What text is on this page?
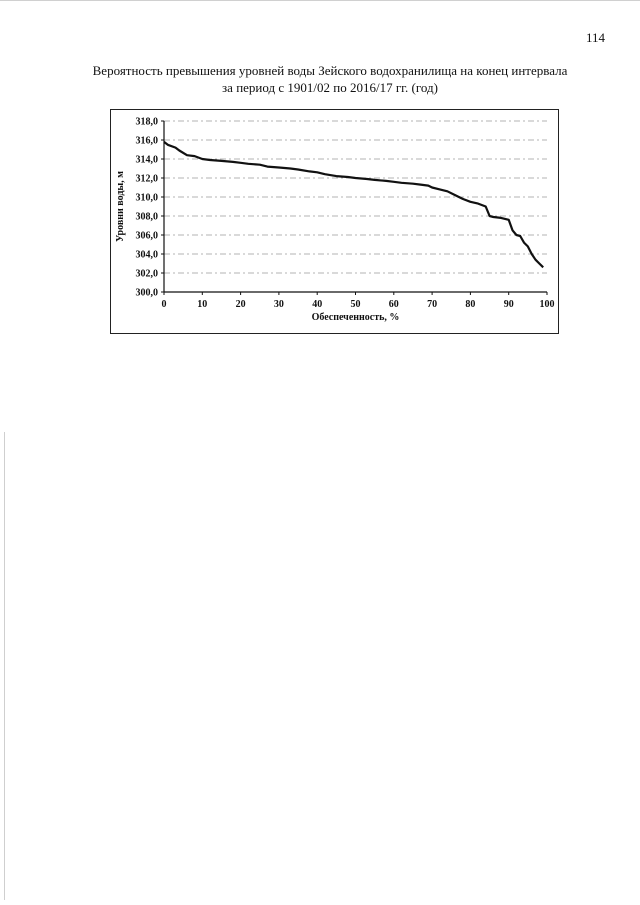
114
Вероятность превышения уровней воды Зейского водохранилища на конец интервала
за период с 1901/02 по 2016/17 гг. (год)
300,0
302,0
304,0
306,0
308,0
310,0
312,0
314,0
316,0
318,0
0	10	20	30	40	50	60	70	80	90	100
Обеспеченность, %
Уровни воды, м
